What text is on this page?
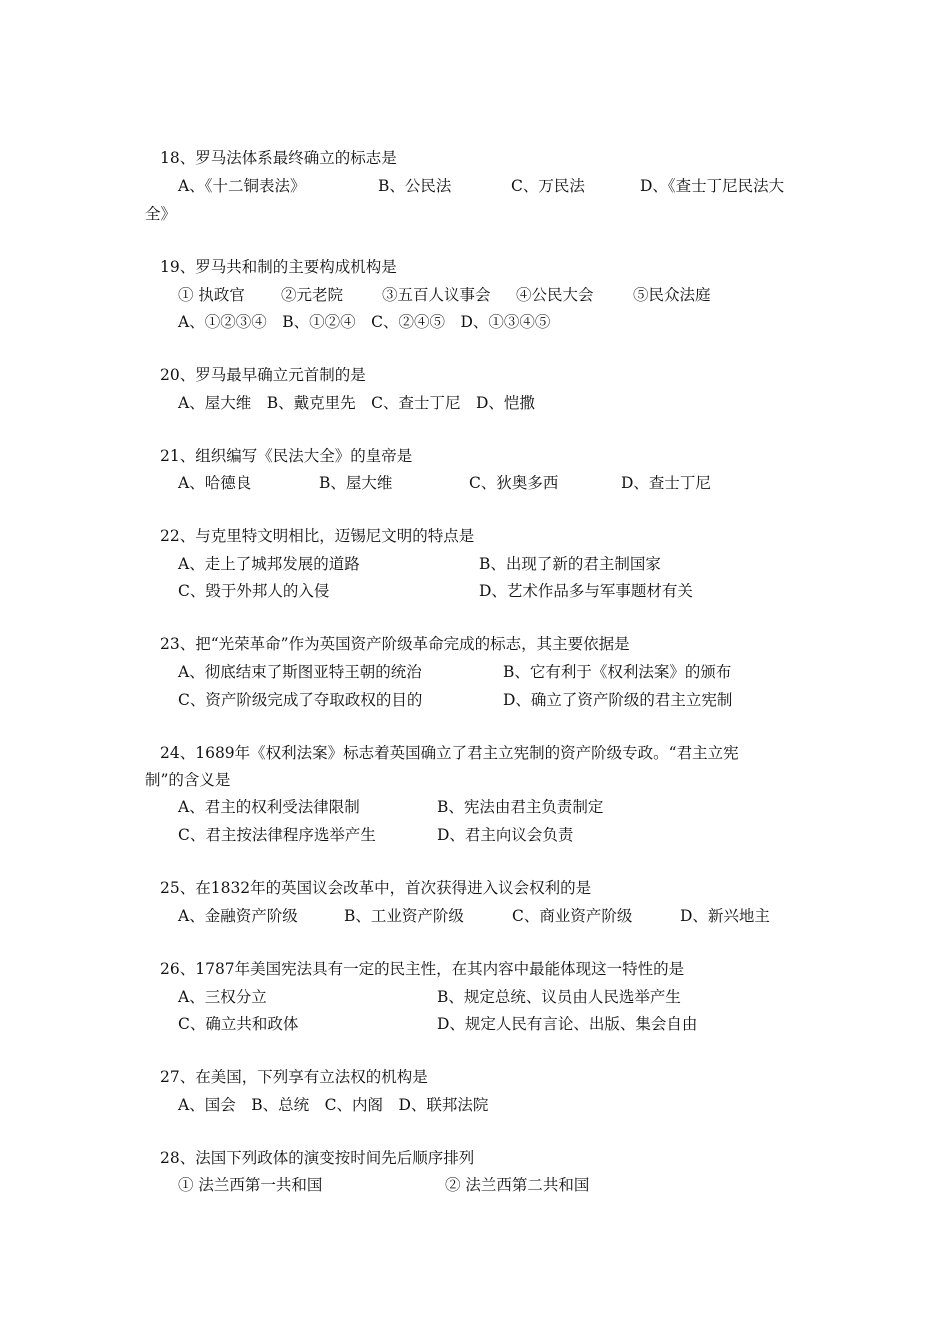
18、罗马法体系最终确立的标志是
A、《十二铜表法》	B、公民法	C、万民法	D、《查士丁尼民法大
全》
19、罗马共和制的主要构成机构是
① 执政官 ②元老院	③五百人议事会 ④公民大会	⑤民众法庭
A、①②③④　B、①②④　C、②④⑤　D、①③④⑤
20、罗马最早确立元首制的是
A、屋大维　B、戴克里先　C、查士丁尼　D、恺撒
21、组织编写《民法大全》的皇帝是
A、哈德良	B、屋大维	C、狄奥多西	D、查士丁尼
22、与克里特文明相比，迈锡尼文明的特点是
A、走上了城邦发展的道路	B、出现了新的君主制国家
C、毁于外邦人的入侵	D、艺术作品多与军事题材有关
23、把“光荣革命”作为英国资产阶级革命完成的标志，其主要依据是
A、彻底结束了斯图亚特王朝的统治	B、它有利于《权利法案》的颁布
C、资产阶级完成了夺取政权的目的	D、确立了资产阶级的君主立宪制
24、1689年《权利法案》标志着英国确立了君主立宪制的资产阶级专政。“君主立宪
制”的含义是
A、君主的权利受法律限制	B、宪法由君主负责制定
C、君主按法律程序选举产生	D、君主向议会负责
25、在1832年的英国议会改革中，首次获得进入议会权利的是
A、金融资产阶级	B、工业资产阶级	C、商业资产阶级	D、新兴地主
26、1787年美国宪法具有一定的民主性，在其内容中最能体现这一特性的是
A、三权分立	B、规定总统、议员由人民选举产生
C、确立共和政体	D、规定人民有言论、出版、集会自由
27、在美国，下列享有立法权的机构是
A、国会　B、总统　C、内阁　D、联邦法院
28、法国下列政体的演变按时间先后顺序排列
① 法兰西第一共和国	② 法兰西第二共和国
